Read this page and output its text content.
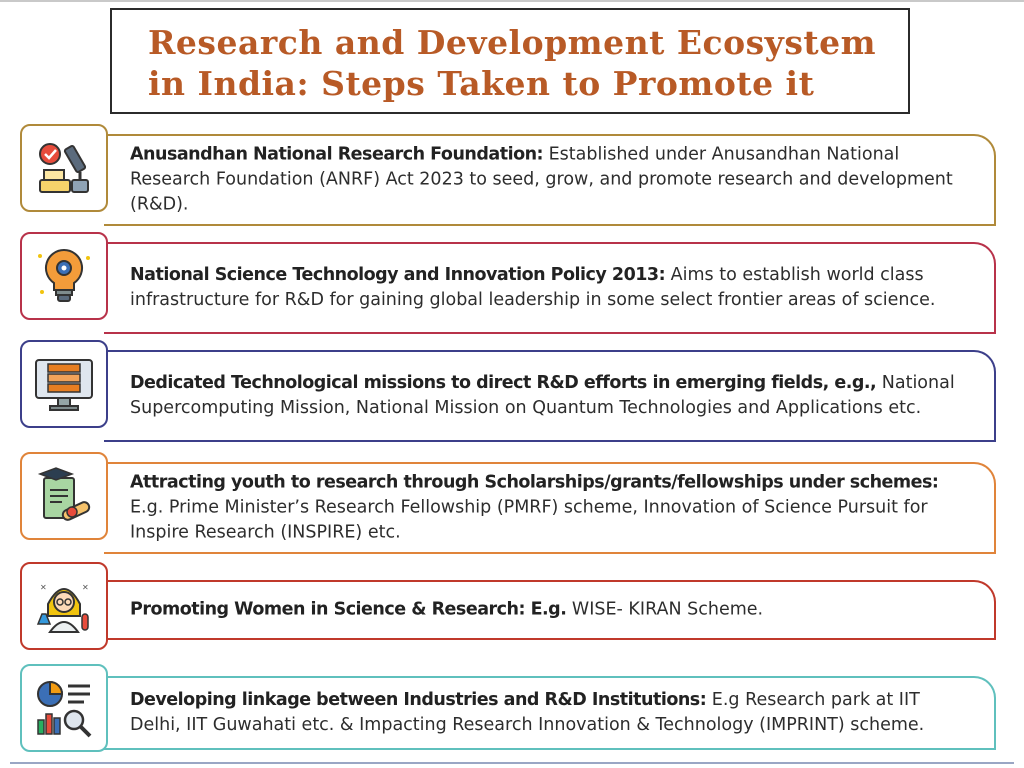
Research and Development Ecosystem in India: Steps Taken to Promote it

Anusandhan National Research Foundation: Established under Anusandhan National Research Foundation (ANRF) Act 2023 to seed, grow, and promote research and development (R&D).

National Science Technology and Innovation Policy 2013: Aims to establish world class infrastructure for R&D for gaining global leadership in some select frontier areas of science.

Dedicated Technological missions to direct R&D efforts in emerging fields, e.g., National Supercomputing Mission, National Mission on Quantum Technologies and Applications etc.

Attracting youth to research through Scholarships/grants/fellowships under schemes: E.g. Prime Minister’s Research Fellowship (PMRF) scheme, Innovation of Science Pursuit for Inspire Research (INSPIRE) etc.

Promoting Women in Science & Research: E.g. WISE- KIRAN Scheme.

✕	✕

Developing linkage between Industries and R&D Institutions: E.g Research park at IIT Delhi, IIT Guwahati etc. & Impacting Research Innovation & Technology (IMPRINT) scheme.
